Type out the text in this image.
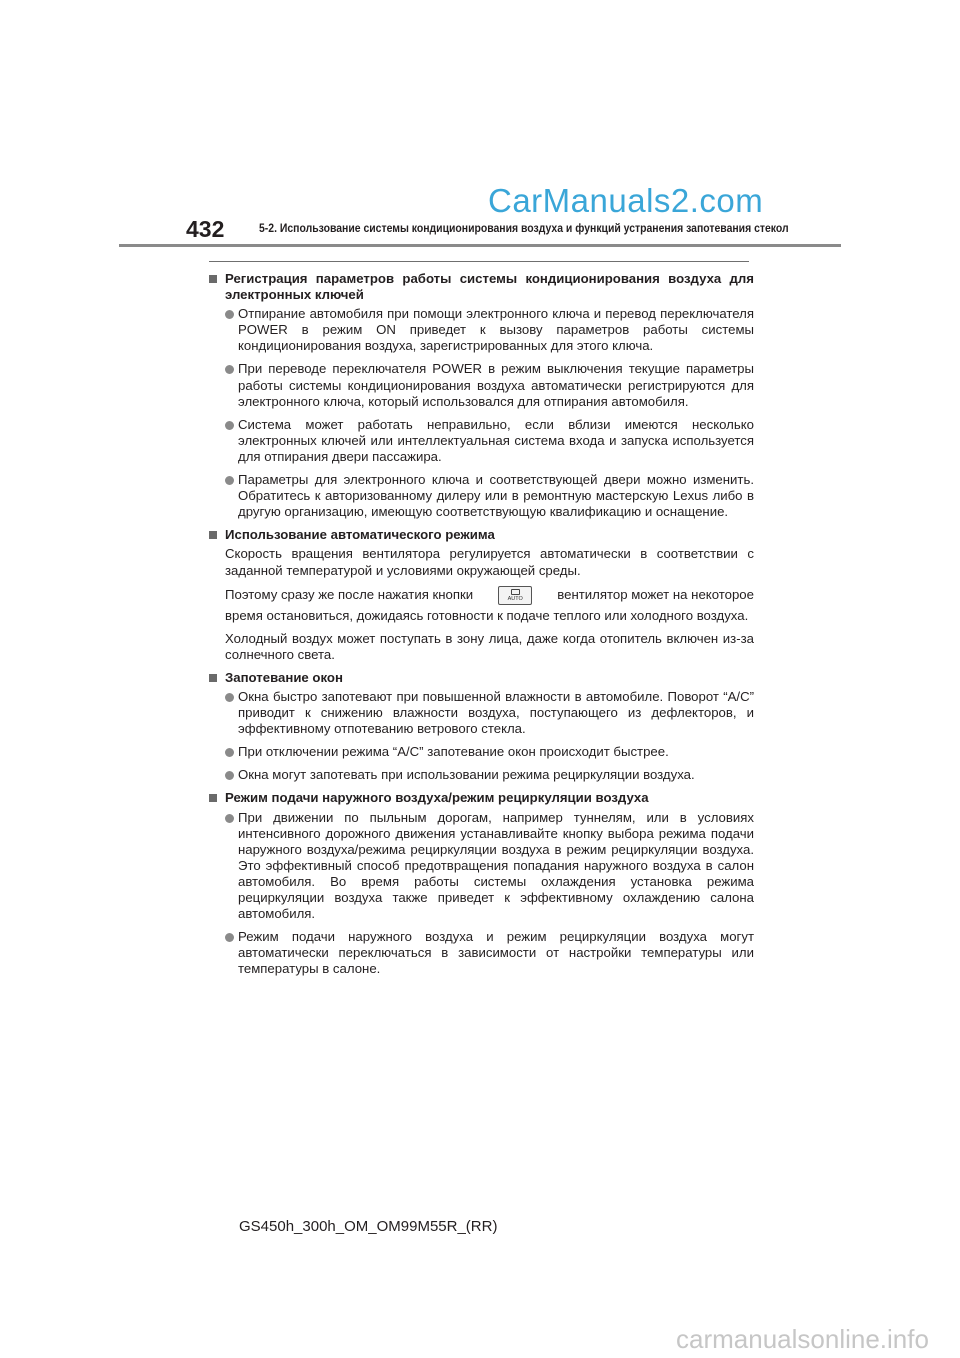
CarManuals2.com
432	5-2. Использование системы кондиционирования воздуха и функций устранения запотевания стекол
Регистрация параметров работы системы кондиционирования воздуха для электронных ключей
Отпирание автомобиля при помощи электронного ключа и перевод переключателя POWER в режим ON приведет к вызову параметров работы системы кондиционирования воздуха, зарегистрированных для этого ключа.
При переводе переключателя POWER в режим выключения текущие параметры работы системы кондиционирования воздуха автоматически регистрируются для электронного ключа, который использовался для отпирания автомобиля.
Система может работать неправильно, если вблизи имеются несколько электронных ключей или интеллектуальная система входа и запуска используется для отпирания двери пассажира.
Параметры для электронного ключа и соответствующей двери можно изменить. Обратитесь к авторизованному дилеру или в ремонтную мастерскую Lexus либо в другую организацию, имеющую соответствующую квалификацию и оснащение.
Использование автоматического режима
Скорость вращения вентилятора регулируется автоматически в соответствии с заданной температурой и условиями окружающей среды.
Поэтому сразу же после нажатия кнопки	AUTO	вентилятор может на некоторое
время остановиться, дожидаясь готовности к подаче теплого или холодного воздуха.
Холодный воздух может поступать в зону лица, даже когда отопитель включен из-за солнечного света.
Запотевание окон
Окна быстро запотевают при повышенной влажности в автомобиле. Поворот “A/C” приводит к снижению влажности воздуха, поступающего из дефлекторов, и эффективному отпотеванию ветрового стекла.
При отключении режима “A/C” запотевание окон происходит быстрее.
Окна могут запотевать при использовании режима рециркуляции воздуха.
Режим подачи наружного воздуха/режим рециркуляции воздуха
При движении по пыльным дорогам, например туннелям, или в условиях интенсивного дорожного движения устанавливайте кнопку выбора режима подачи наружного воздуха/режима рециркуляции воздуха в режим рециркуляции воздуха. Это эффективный способ предотвращения попадания наружного воздуха в салон автомобиля. Во время работы системы охлаждения установка режима рециркуляции воздуха также приведет к эффективному охлаждению салона автомобиля.
Режим подачи наружного воздуха и режим рециркуляции воздуха могут автоматически переключаться в зависимости от настройки температуры или температуры в салоне.
GS450h_300h_OM_OM99M55R_(RR)
carmanualsonline.info
